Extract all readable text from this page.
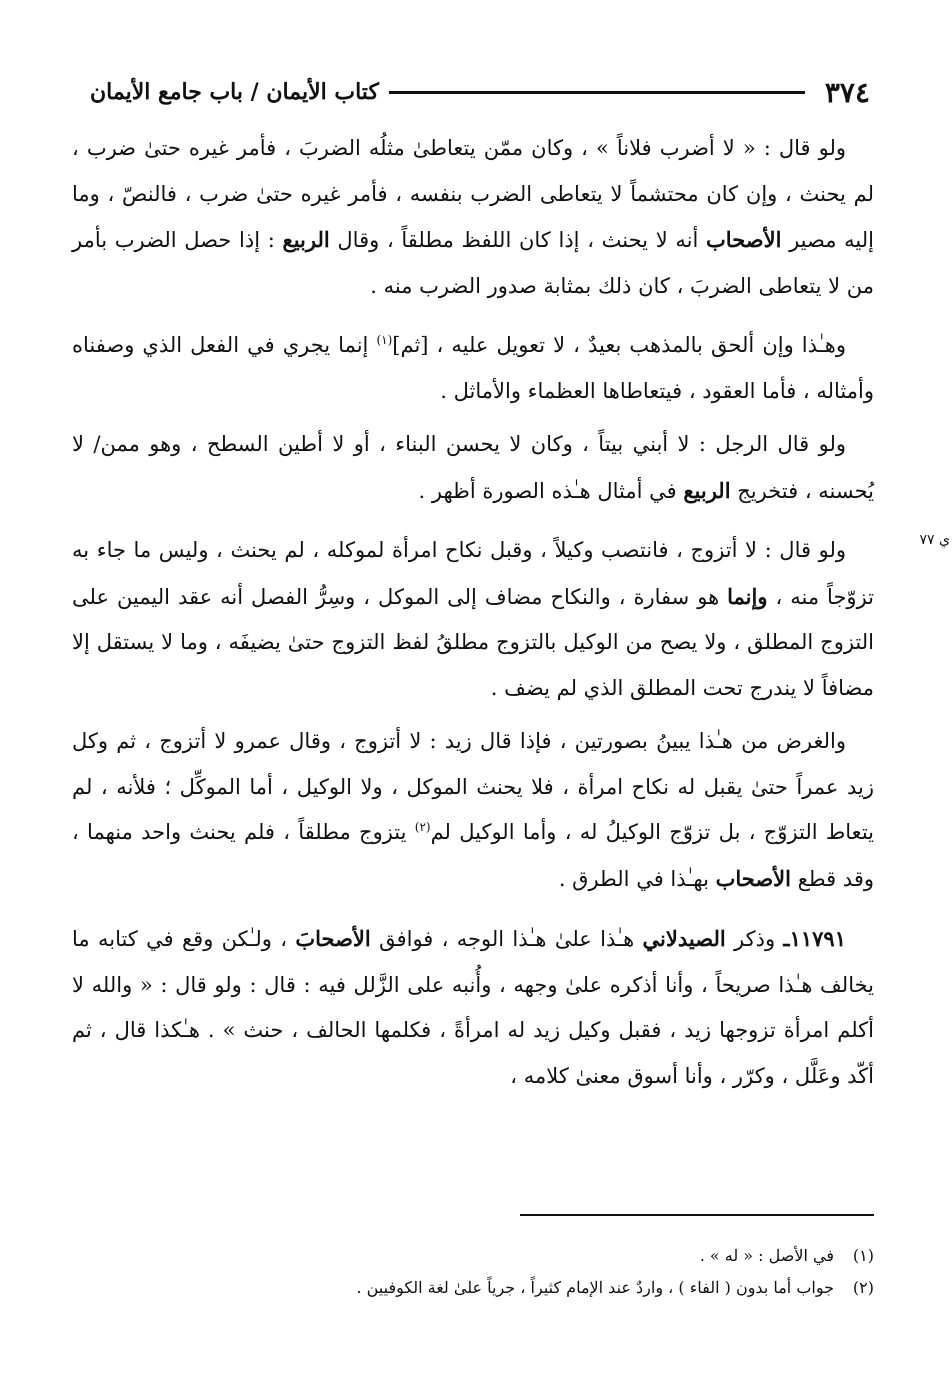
٣٧٤
كتاب الأيمان / باب جامع الأيمان
ي ٧٧

ولو قال : « لا أضرب فلاناً » ، وكان ممّن يتعاطىٰ مثلُه الضربَ ، فأمر غيره حتىٰ ضرب ، لم يحنث ، وإن كان محتشماً لا يتعاطى الضرب بنفسه ، فأمر غيره حتىٰ ضرب ، فالنصّ ، وما إليه مصير الأصحاب أنه لا يحنث ، إذا كان اللفظ مطلقاً ، وقال الربيع : إذا حصل الضرب بأمر من لا يتعاطى الضربَ ، كان ذلك بمثابة صدور الضرب منه .

وهـٰذا وإن ألحق بالمذهب بعيدٌ ، لا تعويل عليه ، [ثم]$^{(١)}$ إنما يجري في الفعل الذي وصفناه وأمثاله ، فأما العقود ، فيتعاطاها العظماء والأماثل .

ولو قال الرجل : لا أبني بيتاً ، وكان لا يحسن البناء ، أو لا أطين السطح ، وهو ممن/ لا يُحسنه ، فتخريج الربيع في أمثال هـٰذه الصورة أظهر .

ولو قال : لا أتزوج ، فانتصب وكيلاً ، وقبل نكاح امرأة لموكله ، لم يحنث ، وليس ما جاء به تزوّجاً منه ، وإنما هو سفارة ، والنكاح مضاف إلى الموكل ، وسِرُّ الفصل أنه عقد اليمين على التزوج المطلق ، ولا يصح من الوكيل بالتزوج مطلقُ لفظ التزوج حتىٰ يضيفَه ، وما لا يستقل إلا مضافاً لا يندرج تحت المطلق الذي لم يضف .

والغرض من هـٰذا يبينُ بصورتين ، فإذا قال زيد : لا أتزوج ، وقال عمرو لا أتزوج ، ثم وكل زيد عمراً حتىٰ يقبل له نكاح امرأة ، فلا يحنث الموكل ، ولا الوكيل ، أما الموكِّل ؛ فلأنه ، لم يتعاط التزوّج ، بل تزوّج الوكيلُ له ، وأما الوكيل لم$^{(٢)}$ يتزوج مطلقاً ، فلم يحنث واحد منهما ، وقد قطع الأصحاب بهـٰذا في الطرق .

١١٧٩١ـ وذكر الصيدلاني هـٰذا علىٰ هـٰذا الوجه ، فوافق الأصحابَ ، ولـٰكن وقع في كتابه ما يخالف هـٰذا صريحاً ، وأنا أذكره علىٰ وجهه ، وأُنبه على الزَّلل فيه : قال : ولو قال : « والله لا أكلم امرأة تزوجها زيد ، فقبل وكيل زيد له امرأةً ، فكلمها الحالف ، حنث » . هـٰكذا قال ، ثم أكّد وعَلَّل ، وكرّر ، وأنا أسوق معنىٰ كلامه ،

(١)
في الأصل : « له » .
(٢)
جواب أما بدون ( الفاء ) ، واردٌ عند الإمام كثيراً ، جرياً علىٰ لغة الكوفيين .
